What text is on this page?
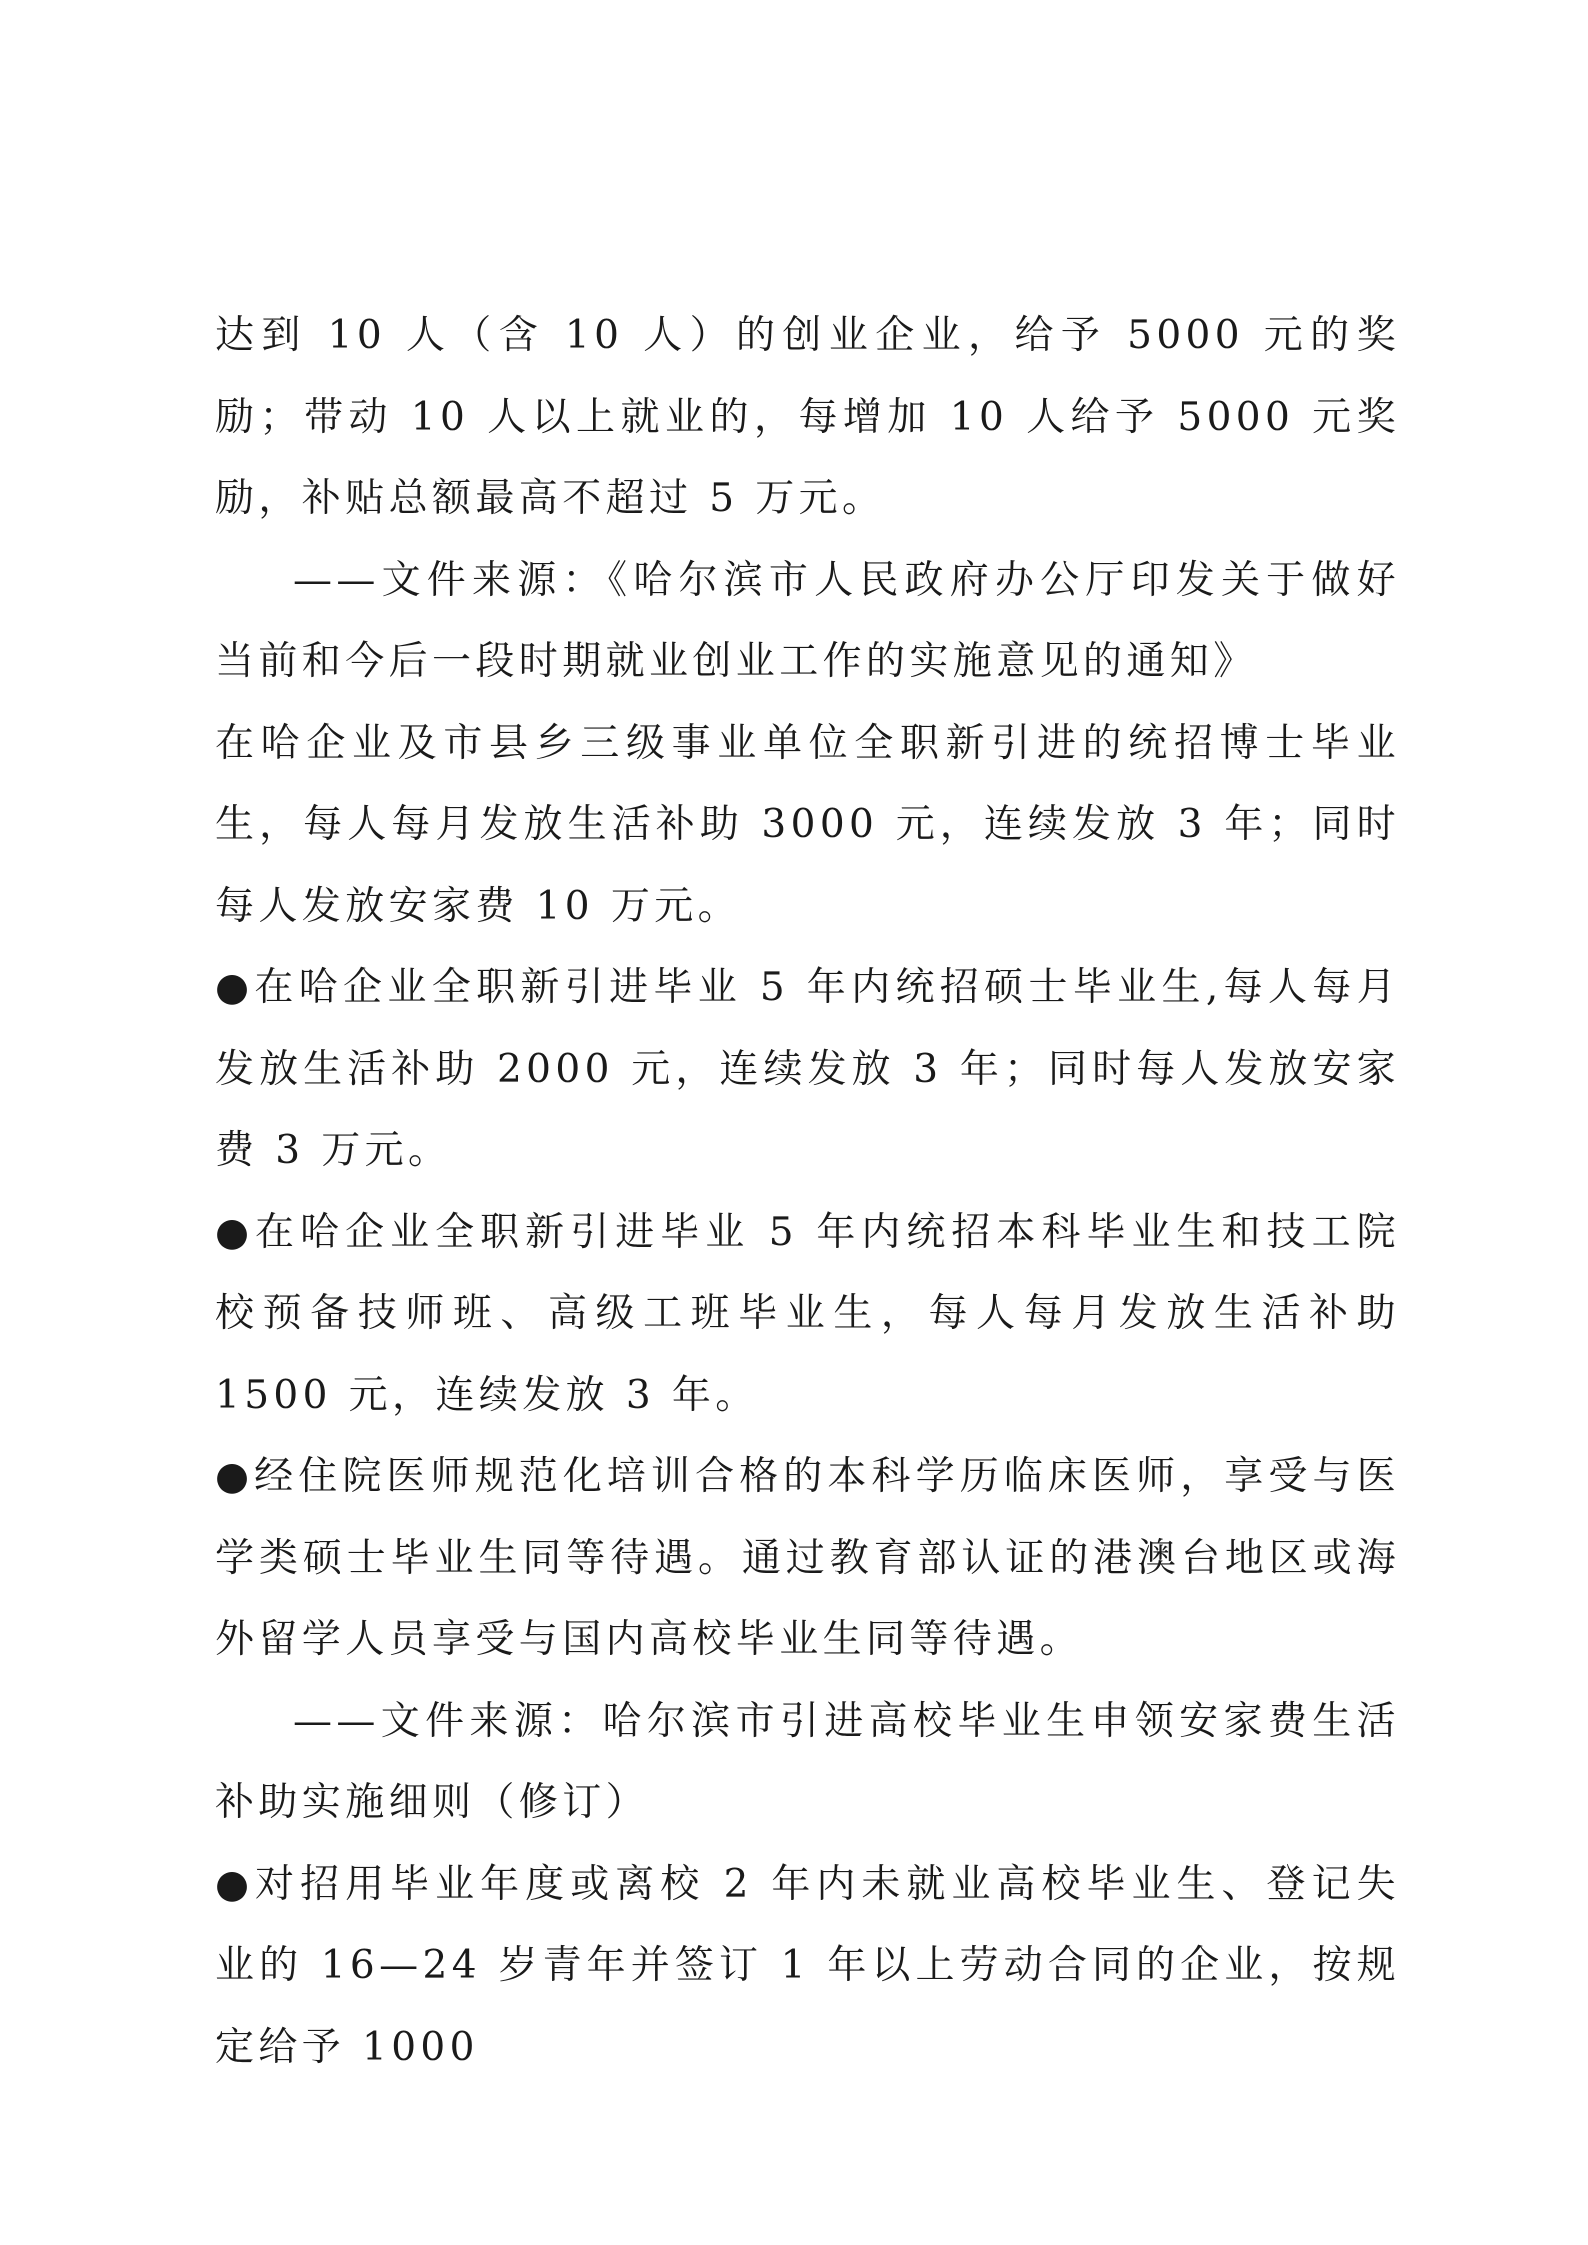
达到 10 人（含 10 人）的创业企业，给予 5000 元的奖励；带动 10 人以上就业的，每增加 10 人给予 5000 元奖励，补贴总额最高不超过 5 万元。

——文件来源：《哈尔滨市人民政府办公厅印发关于做好当前和今后一段时期就业创业工作的实施意见的通知》

在哈企业及市县乡三级事业单位全职新引进的统招博士毕业生，每人每月发放生活补助 3000 元，连续发放 3 年；同时每人发放安家费 10 万元。

●在哈企业全职新引进毕业 5 年内统招硕士毕业生,每人每月发放生活补助 2000 元，连续发放 3 年；同时每人发放安家费 3 万元。

●在哈企业全职新引进毕业 5 年内统招本科毕业生和技工院校预备技师班、高级工班毕业生，每人每月发放生活补助 1500 元，连续发放 3 年。

●经住院医师规范化培训合格的本科学历临床医师，享受与医学类硕士毕业生同等待遇。通过教育部认证的港澳台地区或海外留学人员享受与国内高校毕业生同等待遇。

——文件来源：哈尔滨市引进高校毕业生申领安家费生活补助实施细则（修订）

●对招用毕业年度或离校 2 年内未就业高校毕业生、登记失业的 16—24 岁青年并签订 1 年以上劳动合同的企业，按规定给予 1000
